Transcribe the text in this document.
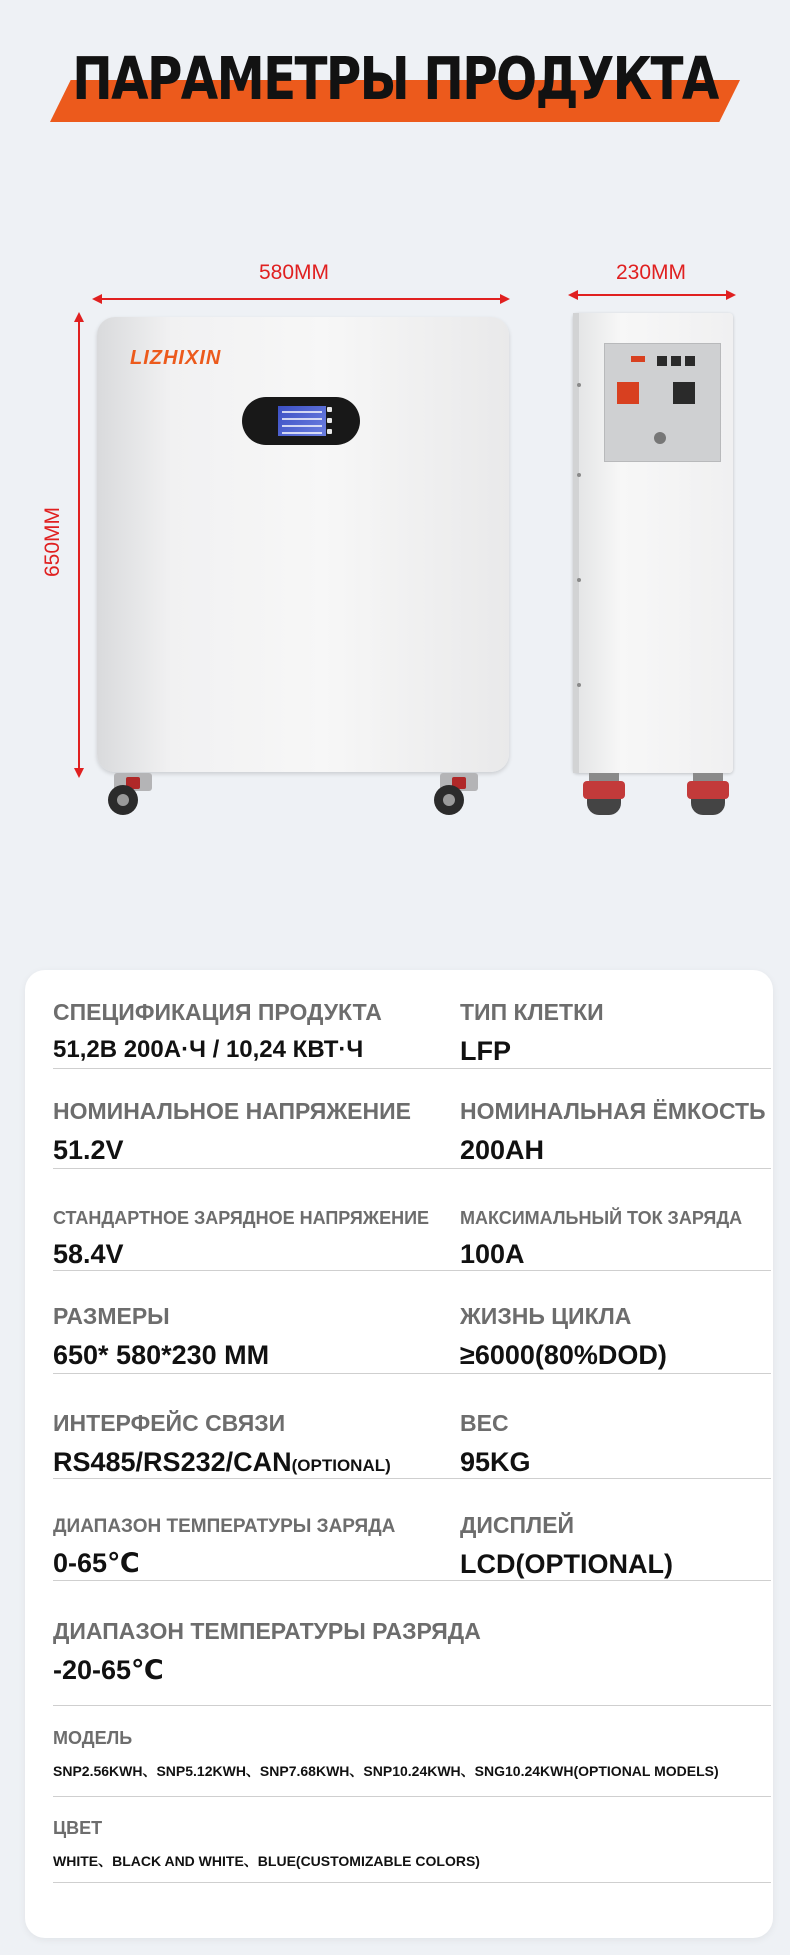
ПАРАМЕТРЫ ПРОДУКТА
580MM	230MM
650MM
LIZHIXIN
СПЕЦИФИКАЦИЯ ПРОДУКТА
51,2В 200А·Ч / 10,24 КВТ·Ч
ТИП КЛЕТКИ
LFP
НОМИНАЛЬНОЕ НАПРЯЖЕНИЕ
51.2V
НОМИНАЛЬНАЯ ЁМКОСТЬ
200AH
СТАНДАРТНОЕ ЗАРЯДНОЕ НАПРЯЖЕНИЕ
58.4V
МАКСИМАЛЬНЫЙ ТОК ЗАРЯДА
100A
РАЗМЕРЫ
650* 580*230 MM
ЖИЗНЬ ЦИКЛА
≥6000(80%DOD)
ИНТЕРФЕЙС СВЯЗИ
RS485/RS232/CAN(OPTIONAL)
ВЕС
95KG
ДИАПАЗОН ТЕМПЕРАТУРЫ ЗАРЯДА
0-65℃
ДИСПЛЕЙ
LCD(OPTIONAL)
ДИАПАЗОН ТЕМПЕРАТУРЫ РАЗРЯДА
-20-65℃
МОДЕЛЬ
SNP2.56KWH、SNP5.12KWH、SNP7.68KWH、SNP10.24KWH、SNG10.24KWH(OPTIONAL MODELS)
ЦВЕТ
WHITE、BLACK AND WHITE、BLUE(CUSTOMIZABLE COLORS)
